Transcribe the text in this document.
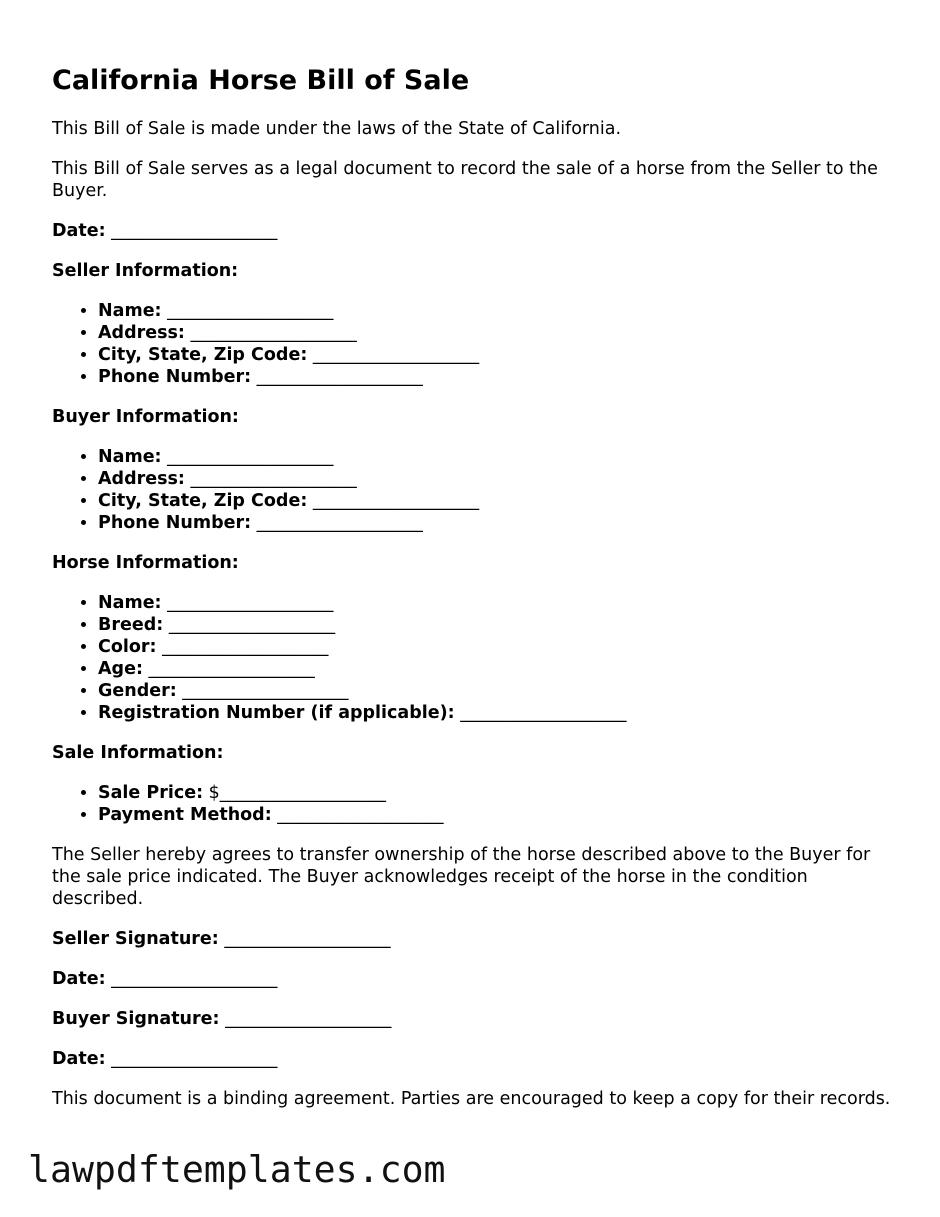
California Horse Bill of Sale

This Bill of Sale is made under the laws of the State of California.

This Bill of Sale serves as a legal document to record the sale of a horse from the Seller to the Buyer.

Date: ___________________

Seller Information:

• Name: ___________________
• Address: ___________________
• City, State, Zip Code: ___________________
• Phone Number: ___________________

Buyer Information:

• Name: ___________________
• Address: ___________________
• City, State, Zip Code: ___________________
• Phone Number: ___________________

Horse Information:

• Name: ___________________
• Breed: ___________________
• Color: ___________________
• Age: ___________________
• Gender: ___________________
• Registration Number (if applicable): ___________________

Sale Information:

• Sale Price: $___________________
• Payment Method: ___________________

The Seller hereby agrees to transfer ownership of the horse described above to the Buyer for the sale price indicated. The Buyer acknowledges receipt of the horse in the condition described.

Seller Signature: ___________________

Date: ___________________

Buyer Signature: ___________________

Date: ___________________

This document is a binding agreement. Parties are encouraged to keep a copy for their records.

lawpdftemplates.com
